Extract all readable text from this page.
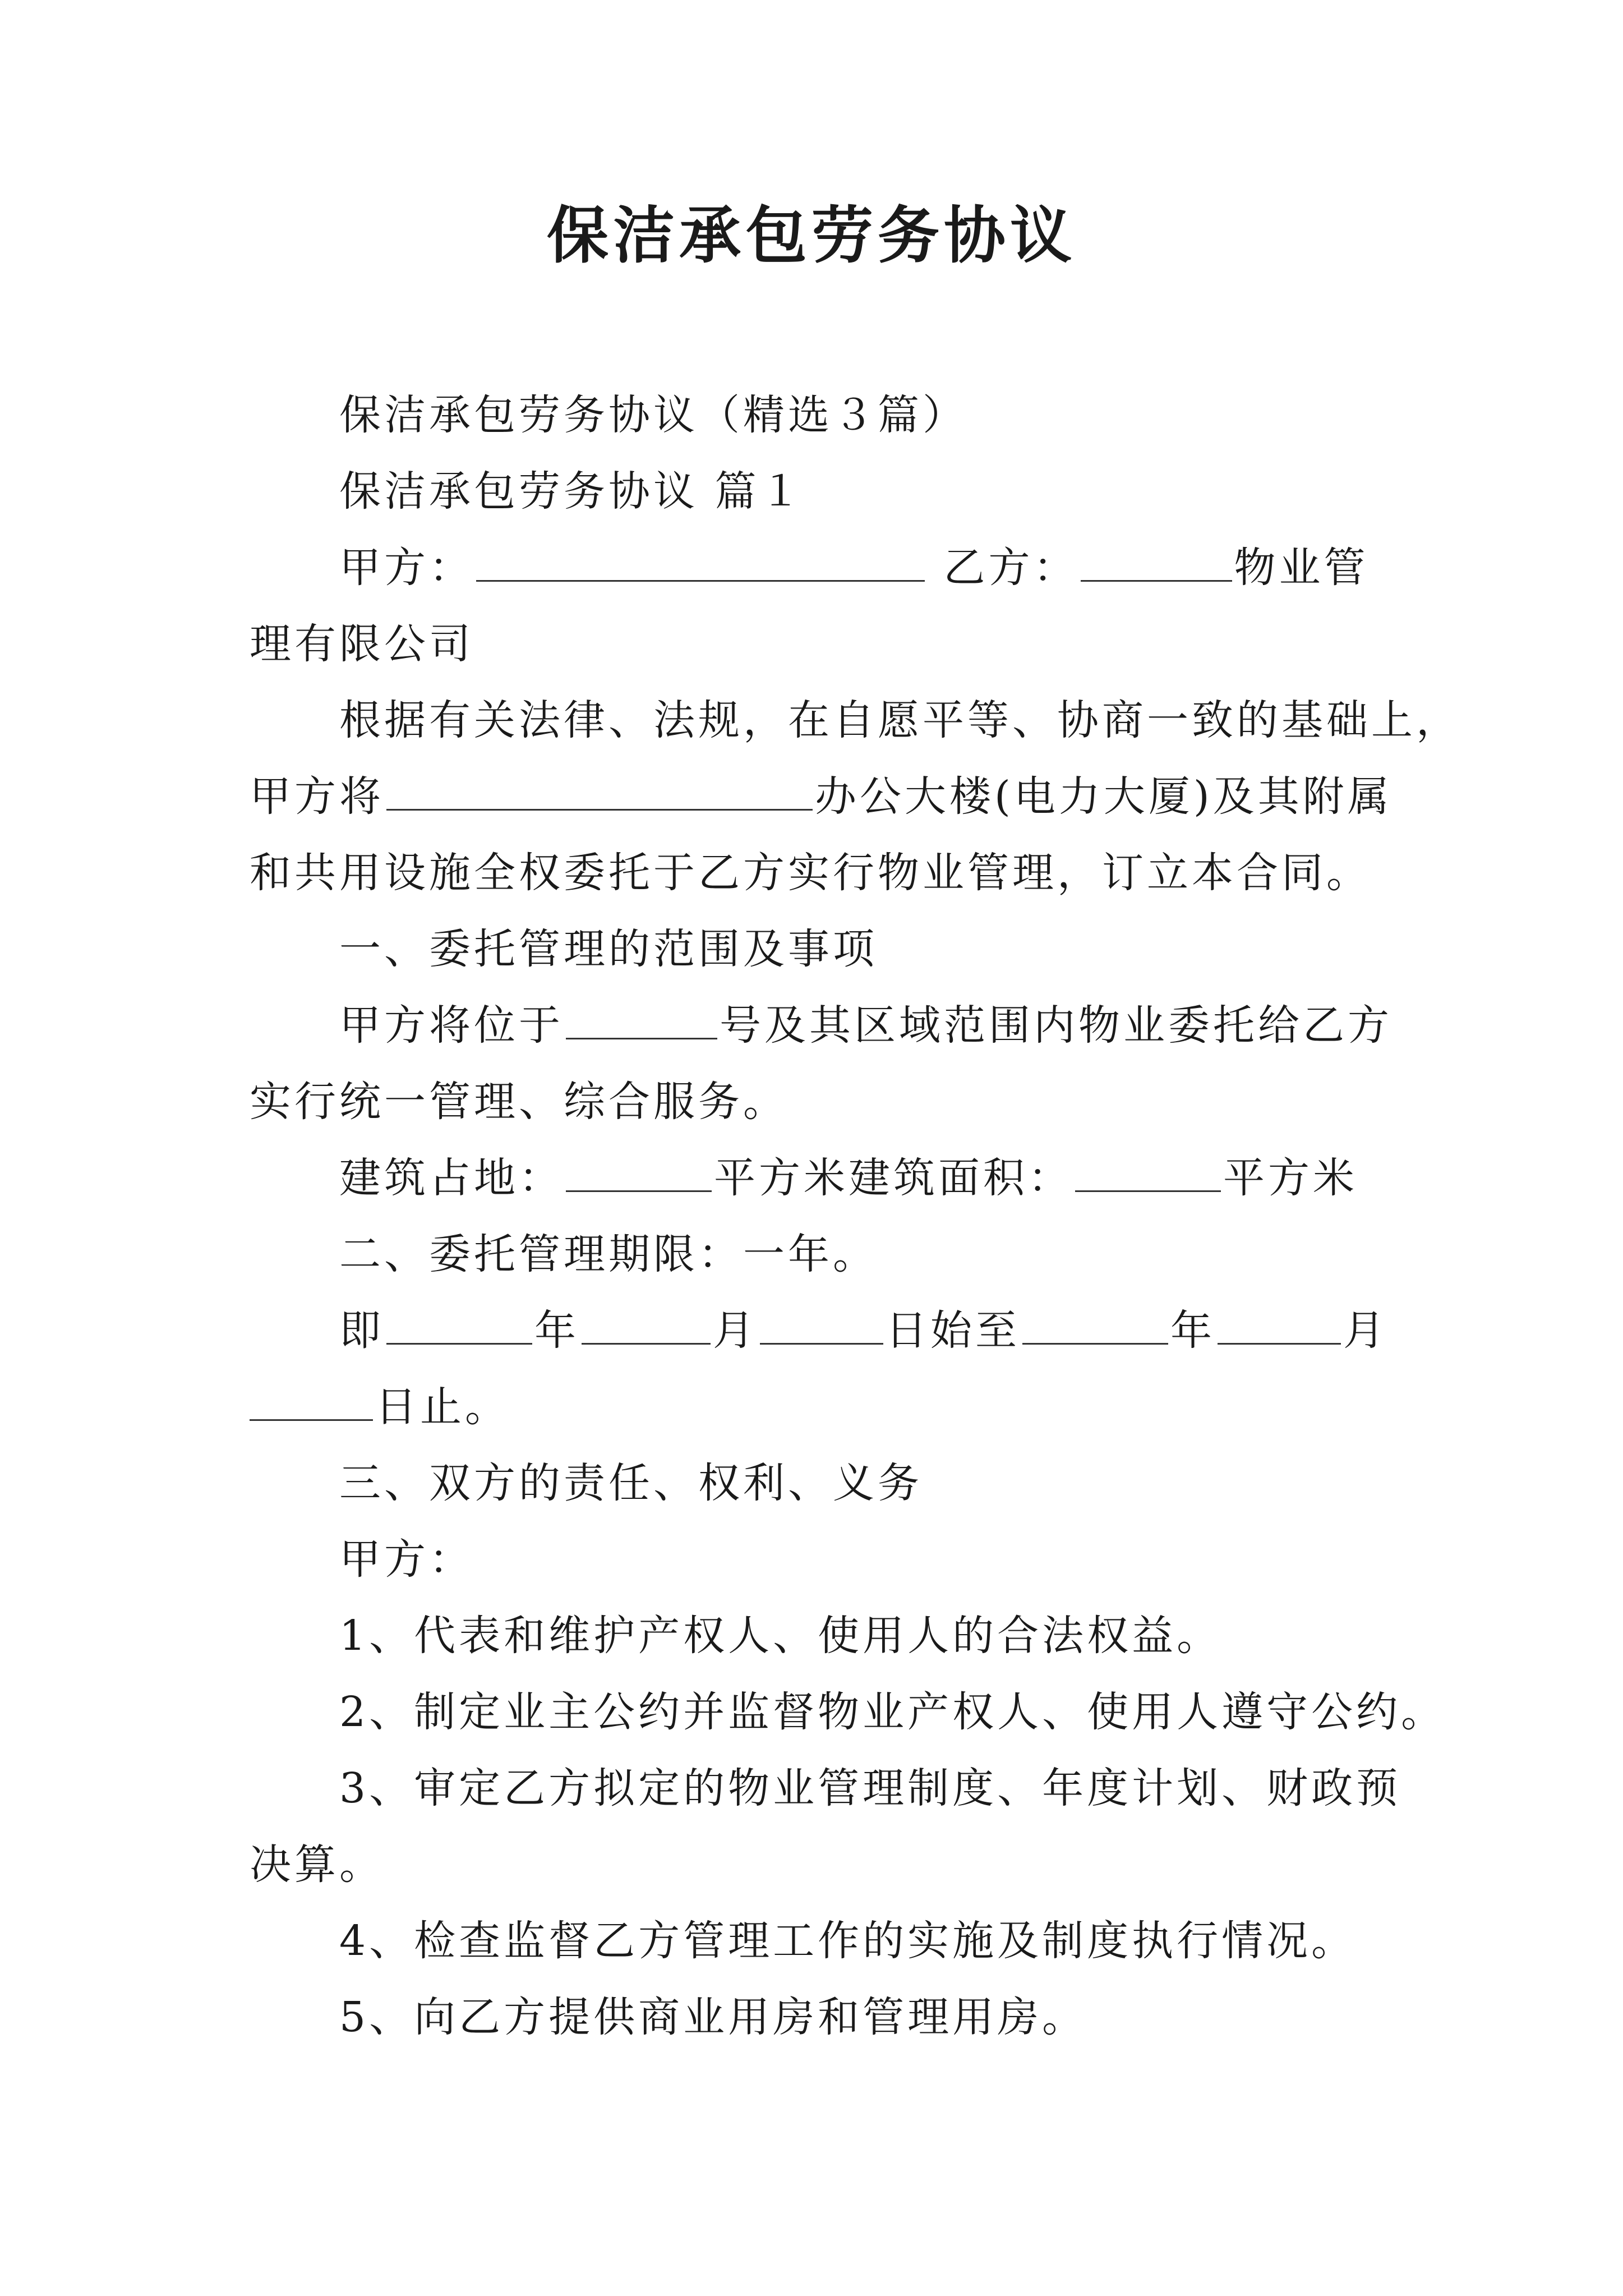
保洁承包劳务协议
保洁承包劳务协议（精选３篇）
保洁承包劳务协议 篇１
甲方：	乙方：	物业管
理有限公司
根据有关法律、法规，在自愿平等、协商一致的基础上，
甲方将	办公大楼(电力大厦)及其附属
和共用设施全权委托于乙方实行物业管理，订立本合同。
一、委托管理的范围及事项
甲方将位于	号及其区域范围内物业委托给乙方
实行统一管理、综合服务。
建筑占地：	平方米建筑面积：	平方米
二、委托管理期限：一年。
即	年	月	日始至	年	月
日止。
三、双方的责任、权利、义务
甲方：
1、代表和维护产权人、使用人的合法权益。
2、制定业主公约并监督物业产权人、使用人遵守公约。
3、审定乙方拟定的物业管理制度、年度计划、财政预
决算。
4、检查监督乙方管理工作的实施及制度执行情况。
5、向乙方提供商业用房和管理用房。
